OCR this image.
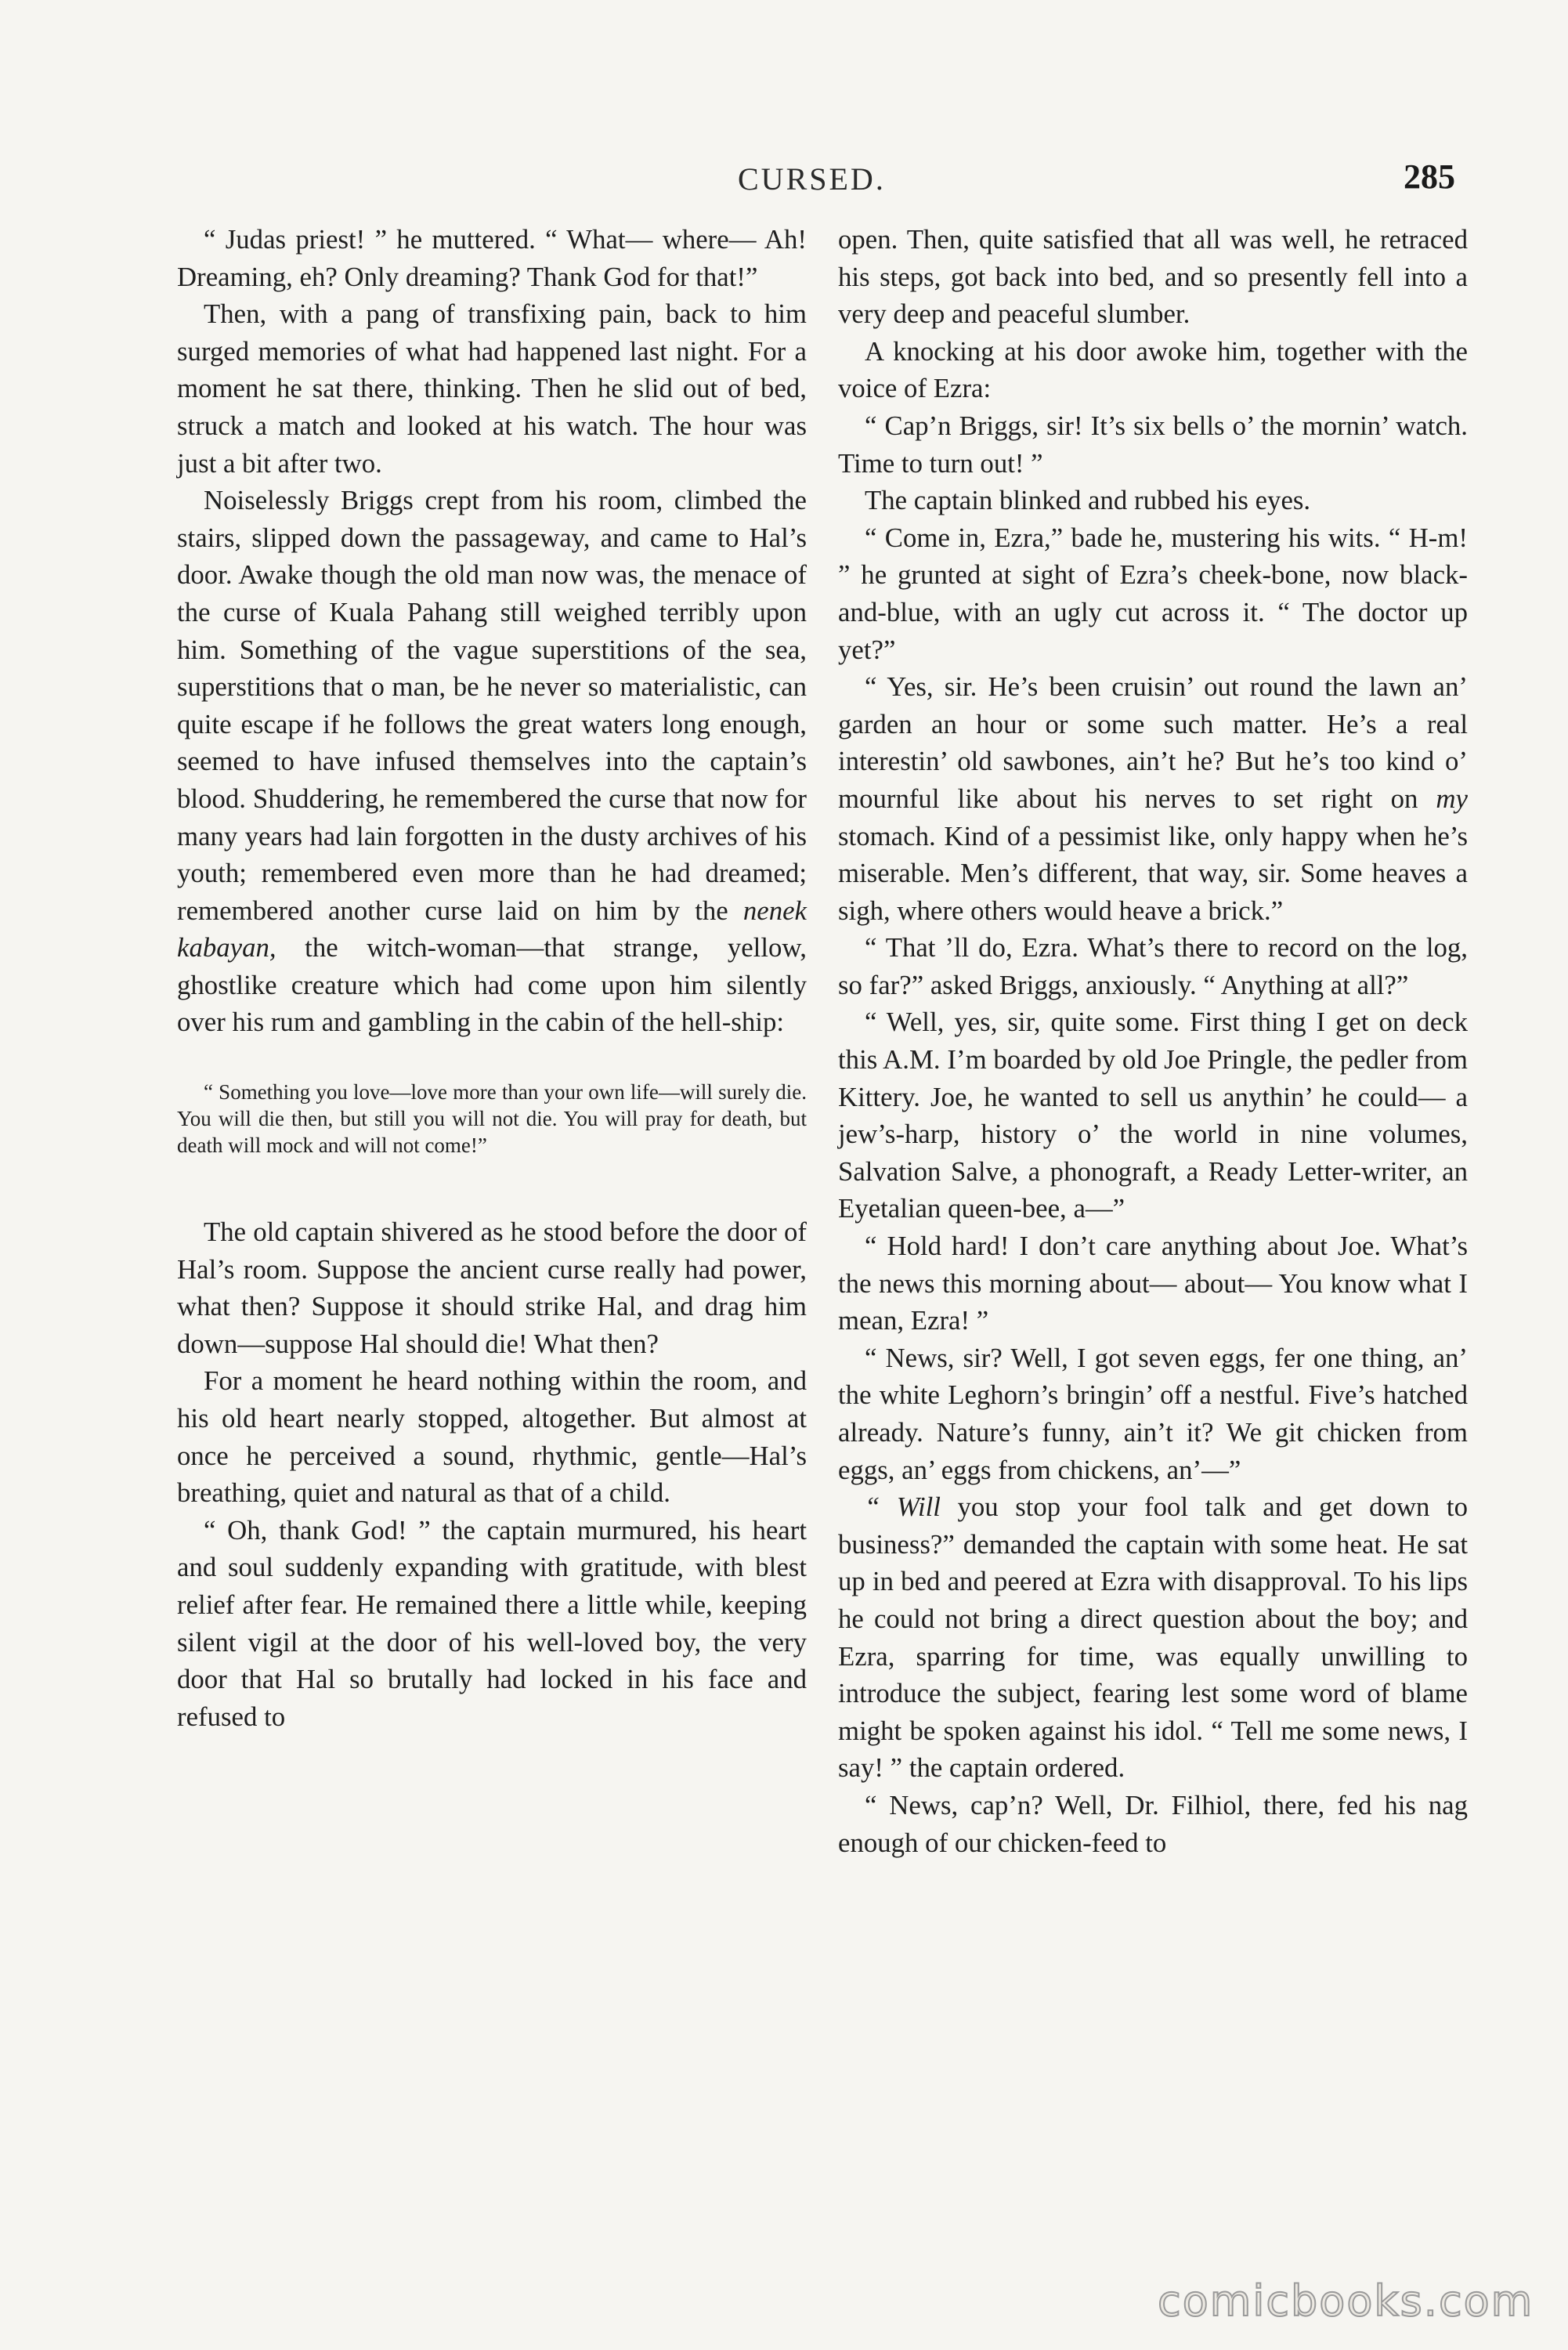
CURSED.	285

“ Judas priest! ” he muttered. “ What— where— Ah! Dreaming, eh? Only dreaming? Thank God for that!”

Then, with a pang of transfixing pain, back to him surged memories of what had happened last night. For a moment he sat there, thinking. Then he slid out of bed, struck a match and looked at his watch. The hour was just a bit after two.

Noiselessly Briggs crept from his room, climbed the stairs, slipped down the passageway, and came to Hal’s door. Awake though the old man now was, the menace of the curse of Kuala Pahang still weighed terribly upon him. Something of the vague superstitions of the sea, superstitions that o man, be he never so materialistic, can quite escape if he follows the great waters long enough, seemed to have infused themselves into the captain’s blood. Shuddering, he remembered the curse that now for many years had lain forgotten in the dusty archives of his youth; remembered even more than he had dreamed; remembered another curse laid on him by the nenek kabayan, the witch-woman—that strange, yellow, ghostlike creature which had come upon him silently over his rum and gambling in the cabin of the hell-ship:

“ Something you love—love more than your own life—will surely die. You will die then, but still you will not die. You will pray for death, but death will mock and will not come!”

The old captain shivered as he stood before the door of Hal’s room. Suppose the ancient curse really had power, what then? Suppose it should strike Hal, and drag him down—suppose Hal should die! What then?

For a moment he heard nothing within the room, and his old heart nearly stopped, altogether. But almost at once he perceived a sound, rhythmic, gentle—Hal’s breathing, quiet and natural as that of a child.

“ Oh, thank God! ” the captain murmured, his heart and soul suddenly expanding with gratitude, with blest relief after fear. He remained there a little while, keeping silent vigil at the door of his well-loved boy, the very door that Hal so brutally had locked in his face and refused to

open. Then, quite satisfied that all was well, he retraced his steps, got back into bed, and so presently fell into a very deep and peaceful slumber.

A knocking at his door awoke him, together with the voice of Ezra:

“ Cap’n Briggs, sir! It’s six bells o’ the mornin’ watch. Time to turn out! ”

The captain blinked and rubbed his eyes.

“ Come in, Ezra,” bade he, mustering his wits. “ H-m! ” he grunted at sight of Ezra’s cheek-bone, now black-and-blue, with an ugly cut across it. “ The doctor up yet?”

“ Yes, sir. He’s been cruisin’ out round the lawn an’ garden an hour or some such matter. He’s a real interestin’ old sawbones, ain’t he? But he’s too kind o’ mournful like about his nerves to set right on my stomach. Kind of a pessimist like, only happy when he’s miserable. Men’s different, that way, sir. Some heaves a sigh, where others would heave a brick.”

“ That ’ll do, Ezra. What’s there to record on the log, so far?” asked Briggs, anxiously. “ Anything at all?”

“ Well, yes, sir, quite some. First thing I get on deck this A.M. I’m boarded by old Joe Pringle, the pedler from Kittery. Joe, he wanted to sell us anythin’ he could— a jew’s-harp, history o’ the world in nine volumes, Salvation Salve, a phonograft, a Ready Letter-writer, an Eyetalian queen-bee, a—”

“ Hold hard! I don’t care anything about Joe. What’s the news this morning about— about— You know what I mean, Ezra! ”

“ News, sir? Well, I got seven eggs, fer one thing, an’ the white Leghorn’s bringin’ off a nestful. Five’s hatched already. Nature’s funny, ain’t it? We git chicken from eggs, an’ eggs from chickens, an’—”

“ Will you stop your fool talk and get down to business?” demanded the captain with some heat. He sat up in bed and peered at Ezra with disapproval. To his lips he could not bring a direct question about the boy; and Ezra, sparring for time, was equally unwilling to introduce the subject, fearing lest some word of blame might be spoken against his idol. “ Tell me some news, I say! ” the captain ordered.

“ News, cap’n? Well, Dr. Filhiol, there, fed his nag enough of our chicken-feed to

comicbooks.com
